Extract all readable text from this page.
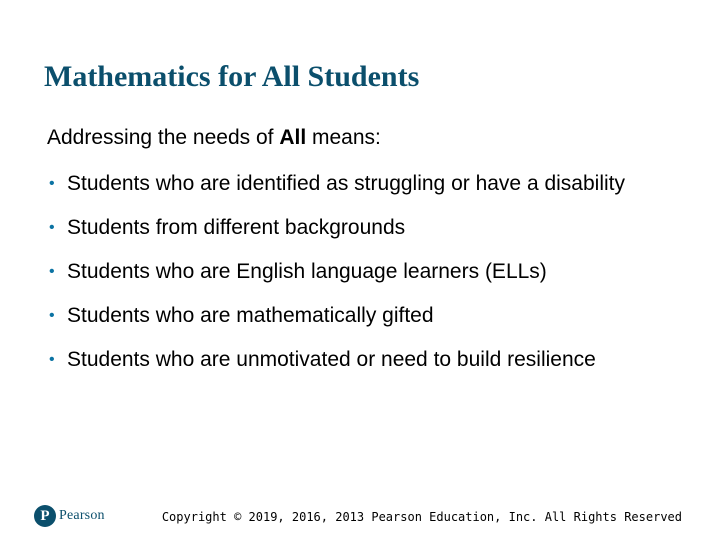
Mathematics for All Students

Addressing the needs of All means:

• Students who are identified as struggling or have a disability
• Students from different backgrounds
• Students who are English language learners (ELLs)
• Students who are mathematically gifted
• Students who are unmotivated or need to build resilience
P Pearson	Copyright © 2019, 2016, 2013 Pearson Education, Inc. All Rights Reserved
